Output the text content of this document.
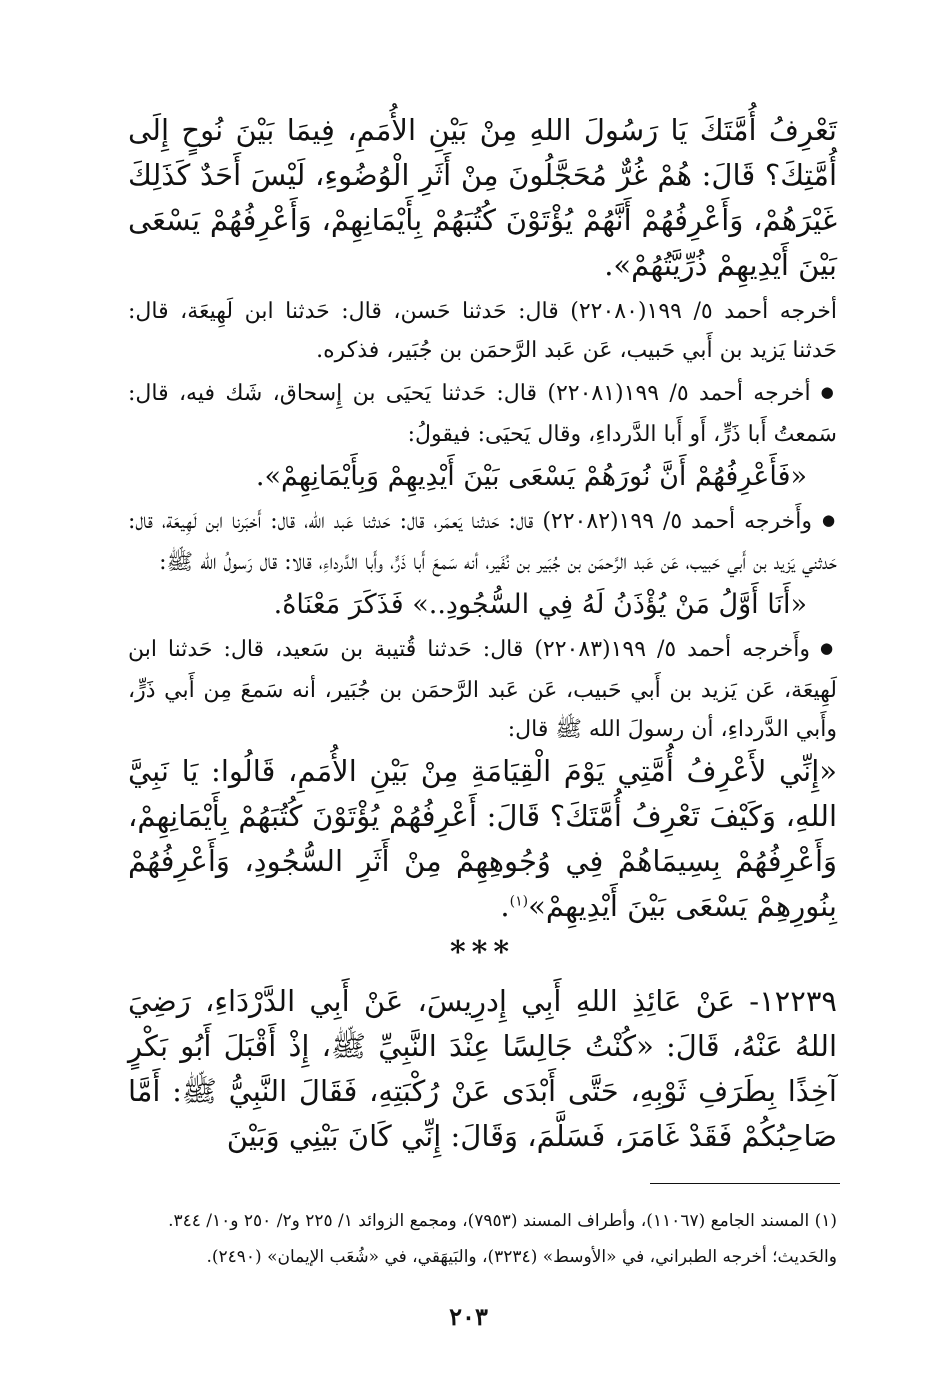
تَعْرِفُ أُمَّتَكَ يَا رَسُولَ اللهِ مِنْ بَيْنِ الأُمَمِ، فِيمَا بَيْنَ نُوحٍ إِلَى أُمَّتِكَ؟ قَالَ: هُمْ غُرٌّ مُحَجَّلُونَ مِنْ أَثَرِ الْوُضُوءِ، لَيْسَ أَحَدٌ كَذَلِكَ غَيْرَهُمْ، وَأَعْرِفُهُمْ أَنَّهُمْ يُؤْتَوْنَ كُتُبَهُمْ بِأَيْمَانِهِمْ، وَأَعْرِفُهُمْ يَسْعَى بَيْنَ أَيْدِيهِمْ ذُرِّيَّتُهُمْ».

أخرجه أحمد ٥/ ١٩٩(٢٢٠٨٠) قال: حَدثنا حَسن، قال: حَدثنا ابن لَهِيعَة، قال: حَدثنا يَزيد بن أَبي حَبيب، عَن عَبد الرَّحمَن بن جُبَير، فذكره.

● أخرجه أحمد ٥/ ١٩٩(٢٢٠٨١) قال: حَدثنا يَحيَى بن إِسحاق، شَك فيه، قال: سَمعتُ أَبا ذَرٍّ، أَو أَبا الدَّرداءِ، وقال يَحيَى: فيقولُ:

«فَأَعْرِفُهُمْ أَنَّ نُورَهُمْ يَسْعَى بَيْنَ أَيْدِيهِمْ وَبِأَيْمَانِهِمْ».

● وأَخرجه أحمد ٥/ ١٩٩(٢٢٠٨٢) قال: حَدثنا يَعمَر، قال: حَدثنا عَبد الله، قال: أَخبَرنا ابن لَهِيعَة، قال: حَدثني يَزيد بن أَبي حَبيب، عَن عَبد الرَّحمَن بن جُبَير بن نُفَير، أنه سَمعَ أَبا ذَرٍّ، وأَبا الدَّرداءِ، قالا: قال رَسولُ الله ﷺ:

«أَنَا أَوَّلُ مَنْ يُؤْذَنُ لَهُ فِي السُّجُودِ..» فَذَكَرَ مَعْنَاهُ.

● وأَخرجه أحمد ٥/ ١٩٩(٢٢٠٨٣) قال: حَدثنا قُتيبة بن سَعيد، قال: حَدثنا ابن لَهِيعَة، عَن يَزيد بن أَبي حَبيب، عَن عَبد الرَّحمَن بن جُبَير، أنه سَمعَ مِن أَبي ذَرٍّ، وأَبي الدَّرداءِ، أن رسولَ الله ﷺ قال:

«إِنِّي لأَعْرِفُ أُمَّتِي يَوْمَ الْقِيَامَةِ مِنْ بَيْنِ الأُمَمِ، قَالُوا: يَا نَبِيَّ اللهِ، وَكَيْفَ تَعْرِفُ أُمَّتَكَ؟ قَالَ: أَعْرِفُهُمْ يُؤْتَوْنَ كُتُبَهُمْ بِأَيْمَانِهِمْ، وَأَعْرِفُهُمْ بِسِيمَاهُمْ فِي وُجُوهِهِمْ مِنْ أَثَرِ السُّجُودِ، وَأَعْرِفُهُمْ بِنُورِهِمْ يَسْعَى بَيْنَ أَيْدِيهِمْ»$^{(١)}$.

***

١٢٢٣٩- عَنْ عَائِذِ اللهِ أَبِي إِدرِيسَ، عَنْ أَبِي الدَّرْدَاءِ، رَضِيَ اللهُ عَنْهُ، قَالَ: «كُنْتُ جَالِسًا عِنْدَ النَّبِيِّ ﷺ، إِذْ أَقْبَلَ أَبُو بَكْرٍ آخِذًا بِطَرَفِ ثَوْبِهِ، حَتَّى أَبْدَى عَنْ رُكْبَتِهِ، فَقَالَ النَّبِيُّ ﷺ: أَمَّا صَاحِبُكُمْ فَقَدْ غَامَرَ، فَسَلَّمَ، وَقَالَ: إِنِّي كَانَ بَيْنِي وَبَيْنَ

(١) المسند الجامع (١١٠٦٧)، وأطراف المسند (٧٩٥٣)، ومجمع الزوائد ١/ ٢٢٥ و٢/ ٢٥٠ و١٠/ ٣٤٤.
والحَديث؛ أخرجه الطبراني، في «الأوسط» (٣٢٣٤)، والبَيهَقي، في «شُعَب الإيمان» (٢٤٩٠).
٢٠٣
